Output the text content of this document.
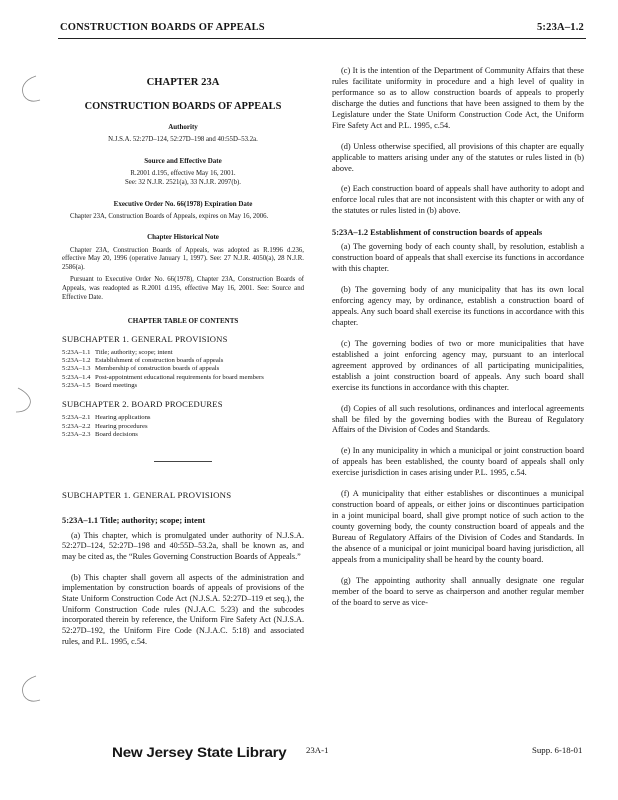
CONSTRUCTION BOARDS OF APPEALS	5:23A–1.2
CHAPTER 23A
CONSTRUCTION BOARDS OF APPEALS
Authority
N.J.S.A. 52:27D–124, 52:27D–198 and 40:55D–53.2a.
Source and Effective Date
R.2001 d.195, effective May 16, 2001.
See: 32 N.J.R. 2521(a), 33 N.J.R. 2097(b).
Executive Order No. 66(1978) Expiration Date

Chapter 23A, Construction Boards of Appeals, expires on May 16, 2006.

Chapter Historical Note

Chapter 23A, Construction Boards of Appeals, was adopted as R.1996 d.236, effective May 20, 1996 (operative January 1, 1997). See: 27 N.J.R. 4050(a), 28 N.J.R. 2586(a).

Pursuant to Executive Order No. 66(1978), Chapter 23A, Construction Boards of Appeals, was readopted as R.2001 d.195, effective May 16, 2001. See: Source and Effective Date.

CHAPTER TABLE OF CONTENTS
SUBCHAPTER 1. GENERAL PROVISIONS
5:23A–1.1 Title; authority; scope; intent
5:23A–1.2 Establishment of construction boards of appeals
5:23A–1.3 Membership of construction boards of appeals
5:23A–1.4 Post-appointment educational requirements for board members
5:23A–1.5 Board meetings
SUBCHAPTER 2. BOARD PROCEDURES
5:23A–2.1 Hearing applications
5:23A–2.2 Hearing procedures
5:23A–2.3 Board decisions
SUBCHAPTER 1. GENERAL PROVISIONS
5:23A–1.1 Title; authority; scope; intent
(a) This chapter, which is promulgated under authority of N.J.S.A. 52:27D–124, 52:27D–198 and 40:55D–53.2a, shall be known as, and may be cited as, the “Rules Governing Construction Boards of Appeals.”
(b) This chapter shall govern all aspects of the administration and implementation by construction boards of appeals of provisions of the State Uniform Construction Code Act (N.J.S.A. 52:27D–119 et seq.), the Uniform Construction Code rules (N.J.A.C. 5:23) and the subcodes incorporated therein by reference, the Uniform Fire Safety Act (N.J.S.A. 52:27D–192, the Uniform Fire Code (N.J.A.C. 5:18) and associated rules, and P.L. 1995, c.54.
(c) It is the intention of the Department of Community Affairs that these rules facilitate uniformity in procedure and a high level of quality in performance so as to allow construction boards of appeals to properly discharge the duties and functions that have been assigned to them by the Legislature under the State Uniform Construction Code Act, the Uniform Fire Safety Act and P.L. 1995, c.54.
(d) Unless otherwise specified, all provisions of this chapter are equally applicable to matters arising under any of the statutes or rules listed in (b) above.
(e) Each construction board of appeals shall have authority to adopt and enforce local rules that are not inconsistent with this chapter or with any of the statutes or rules listed in (b) above.
5:23A–1.2 Establishment of construction boards of appeals
(a) The governing body of each county shall, by resolution, establish a construction board of appeals that shall exercise its functions in accordance with this chapter.
(b) The governing body of any municipality that has its own local enforcing agency may, by ordinance, establish a construction board of appeals. Any such board shall exercise its functions in accordance with this chapter.
(c) The governing bodies of two or more municipalities that have established a joint enforcing agency may, pursuant to an interlocal agreement approved by ordinances of all participating municipalities, establish a joint construction board of appeals. Any such board shall exercise its functions in accordance with this chapter.
(d) Copies of all such resolutions, ordinances and interlocal agreements shall be filed by the governing bodies with the Bureau of Regulatory Affairs of the Division of Codes and Standards.
(e) In any municipality in which a municipal or joint construction board of appeals has been established, the county board of appeals shall only exercise jurisdiction in cases arising under P.L. 1995, c.54.
(f) A municipality that either establishes or discontinues a municipal construction board of appeals, or either joins or discontinues participation in a joint municipal board, shall give prompt notice of such action to the county governing body, the county construction board of appeals and the Bureau of Regulatory Affairs of the Division of Codes and Standards. In the absence of a municipal or joint municipal board having jurisdiction, all appeals from a municipality shall be heard by the county board.
(g) The appointing authority shall annually designate one regular member of the board to serve as chairperson and another regular member of the board to serve as vice-
New Jersey State Library 23A-1	Supp. 6-18-01
